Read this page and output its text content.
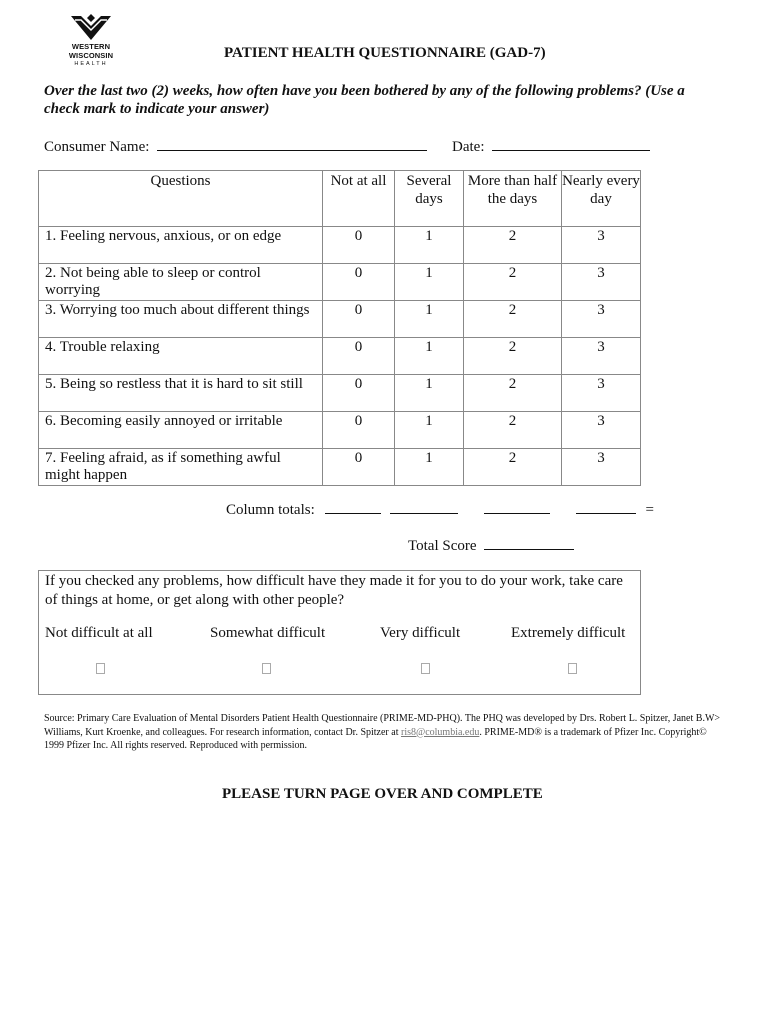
WESTERN
WISCONSIN
HEALTH
PATIENT HEALTH QUESTIONNAIRE (GAD-7)
Over the last two (2) weeks, how often have you been bothered by any of the following problems? (Use a check mark to indicate your answer)
Consumer Name:	Date:
Questions	Not at all	Several days	More than half the days	Nearly every day
1. Feeling nervous, anxious, or on edge	0	1	2	3
2. Not being able to sleep or control worrying	0	1	2	3
3. Worrying too much about different things	0	1	2	3
4. Trouble relaxing	0	1	2	3
5. Being so restless that it is hard to sit still	0	1	2	3
6. Becoming easily annoyed or irritable	0	1	2	3
7. Feeling afraid, as if something awful might happen	0	1	2	3
Column totals:	=
Total Score
If you checked any problems, how difficult have they made it for you to do your work, take care of things at home, or get along with other people?
Not difficult at all	Somewhat difficult	Very difficult	Extremely difficult
Source: Primary Care Evaluation of Mental Disorders Patient Health Questionnaire (PRIME-MD-PHQ). The PHQ was developed by Drs. Robert L. Spitzer, Janet B.W> Williams, Kurt Kroenke, and colleagues. For research information, contact Dr. Spitzer at ris8@columbia.edu. PRIME-MD® is a trademark of Pfizer Inc. Copyright© 1999 Pfizer Inc. All rights reserved. Reproduced with permission.
PLEASE TURN PAGE OVER AND COMPLETE
